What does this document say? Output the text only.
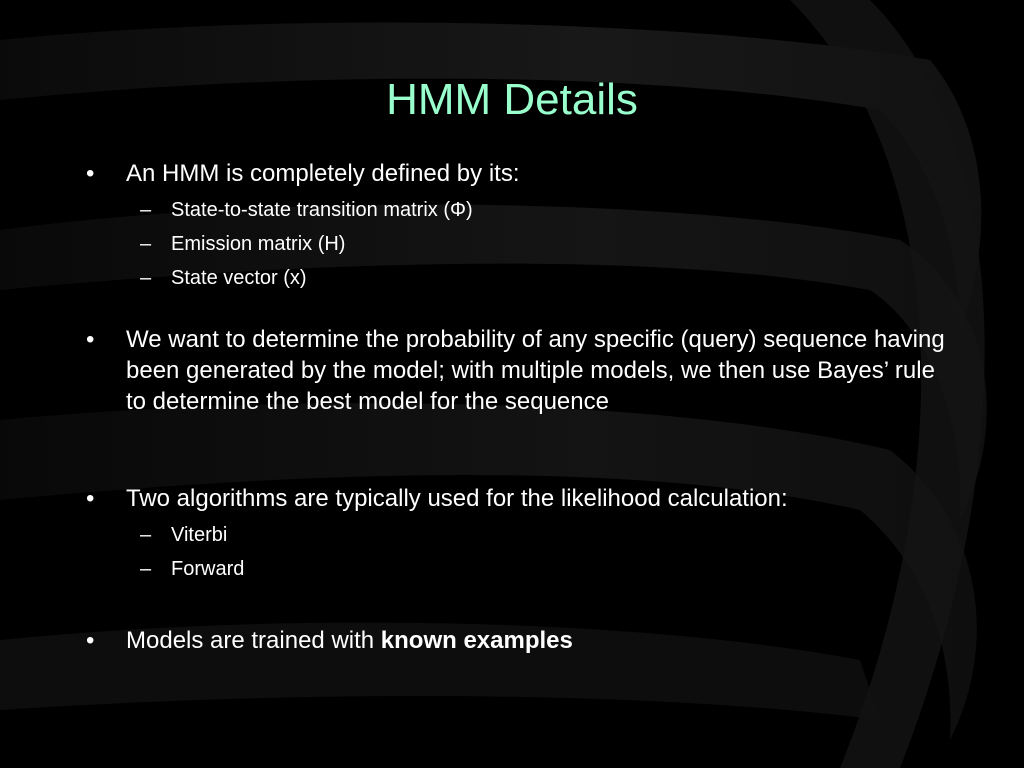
HMM Details
• An HMM is completely defined by its:
– State-to-state transition matrix (Φ)
– Emission matrix (H)
– State vector (x)
• We want to determine the probability of any specific (query) sequence having been generated by the model; with multiple models, we then use Bayes’ rule to determine the best model for the sequence
• Two algorithms are typically used for the likelihood calculation:
– Viterbi
– Forward
• Models are trained with known examples
